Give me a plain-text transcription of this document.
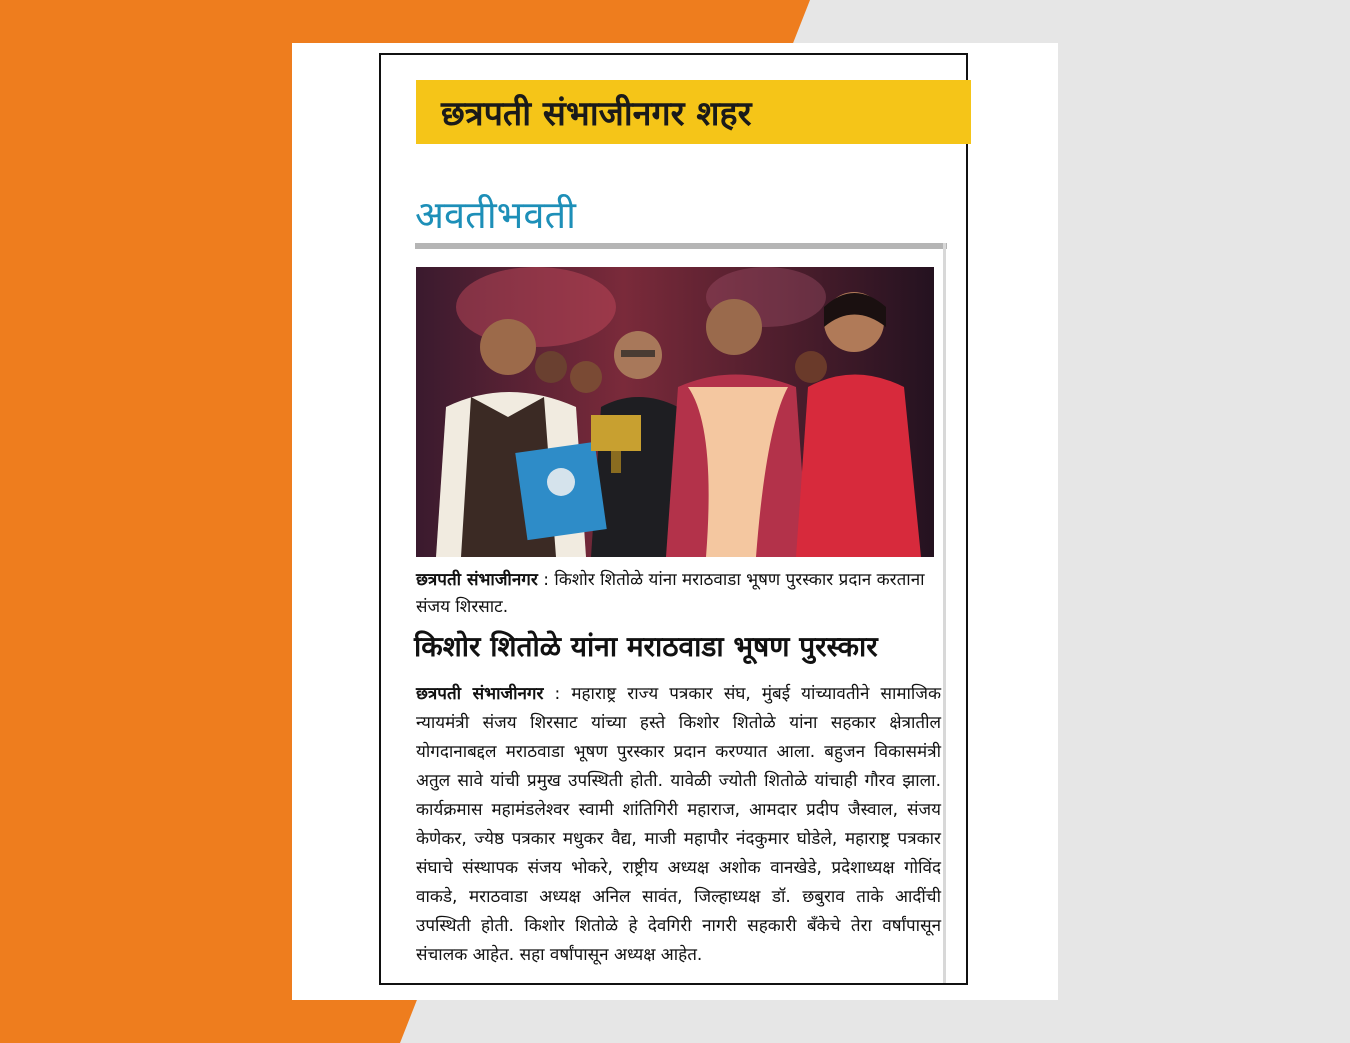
छत्रपती संभाजीनगर शहर
अवतीभवती
छत्रपती संभाजीनगर : किशोर शितोळे यांना मराठवाडा भूषण पुरस्कार प्रदान करताना संजय शिरसाट.
किशोर शितोळे यांना मराठवाडा भूषण पुरस्कार
छत्रपती संभाजीनगर : महाराष्ट्र राज्य पत्रकार संघ, मुंबई यांच्यावतीने सामाजिक न्यायमंत्री संजय शिरसाट यांच्या हस्ते किशोर शितोळे यांना सहकार क्षेत्रातील योगदानाबद्दल मराठवाडा भूषण पुरस्कार प्रदान करण्यात आला. बहुजन विकासमंत्री अतुल सावे यांची प्रमुख उपस्थिती होती. यावेळी ज्योती शितोळे यांचाही गौरव झाला. कार्यक्रमास महामंडलेश्वर स्वामी शांतिगिरी महाराज, आमदार प्रदीप जैस्वाल, संजय केणेकर, ज्येष्ठ पत्रकार मधुकर वैद्य, माजी महापौर नंदकुमार घोडेले, महाराष्ट्र पत्रकार संघाचे संस्थापक संजय भोकरे, राष्ट्रीय अध्यक्ष अशोक वानखेडे, प्रदेशाध्यक्ष गोविंद वाकडे, मराठवाडा अध्यक्ष अनिल सावंत, जिल्हाध्यक्ष डॉ. छबुराव ताके आदींची उपस्थिती होती. किशोर शितोळे हे देवगिरी नागरी सहकारी बँकेचे तेरा वर्षांपासून संचालक आहेत. सहा वर्षांपासून अध्यक्ष आहेत.
